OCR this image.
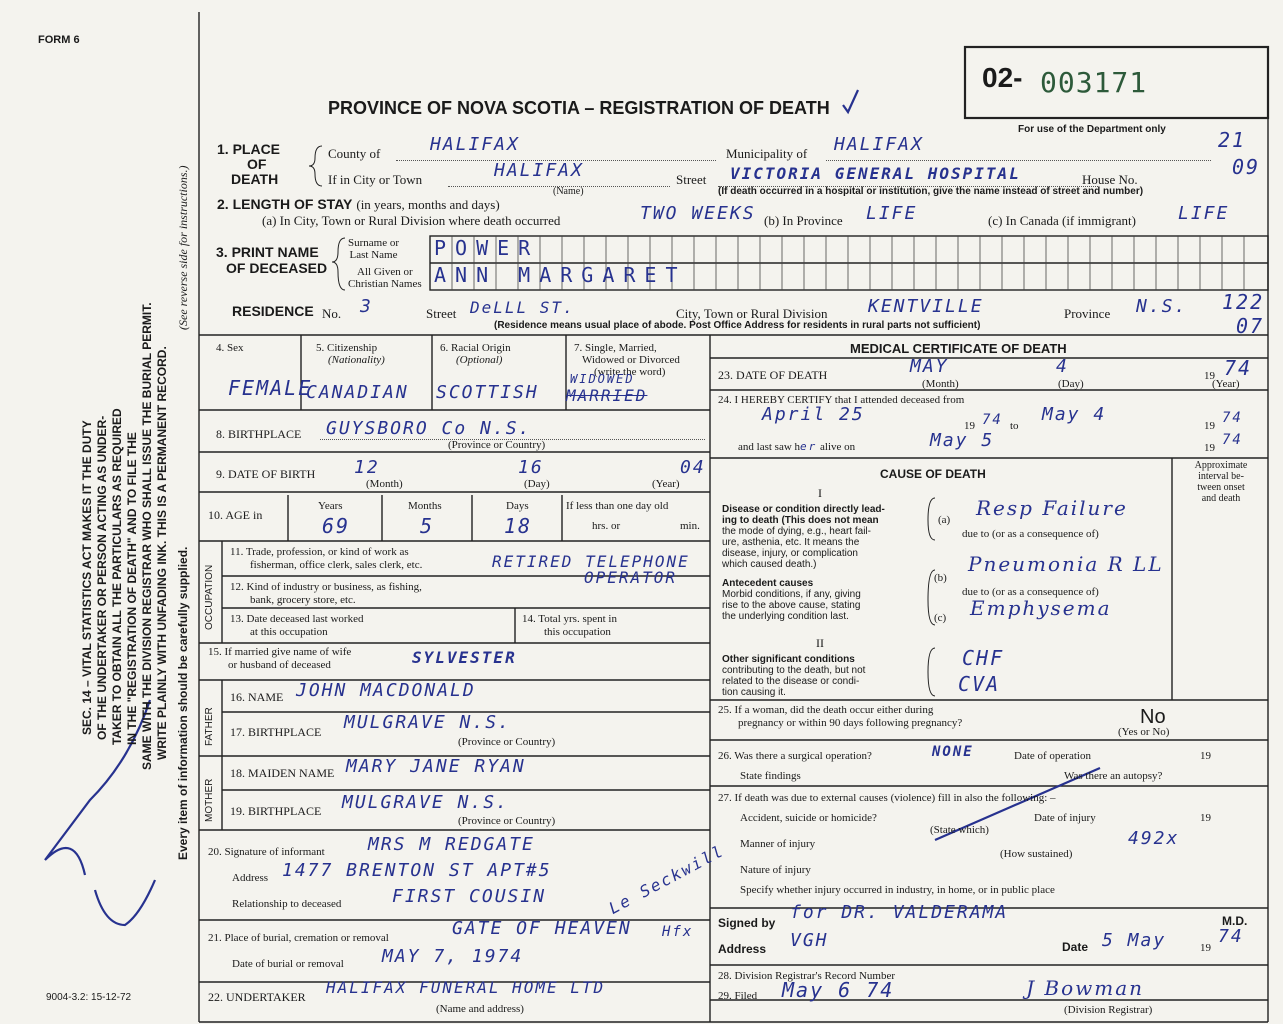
FORM 6
PROVINCE OF NOVA SCOTIA – REGISTRATION OF DEATH
02- 003171
For use of the Department only	21
09
122
07
SEC. 14 – VITAL STATISTICS ACT MAKES IT THE DUTY OF THE UNDERTAKER OR PERSON ACTING AS UNDER- TAKER TO OBTAIN ALL THE PARTICULARS AS REQUIRED IN THE "REGISTRATION OF DEATH" AND TO FILE THE SAME WITH THE DIVISION REGISTRAR WHO SHALL ISSUE THE BURIAL PERMIT. WRITE PLAINLY WITH UNFADING INK. THIS IS A PERMANENT RECORD.
(See reverse side for instructions.)
Every item of information should be carefully supplied.
9004-3.2: 15-12-72
1. PLACE
OF
DEATH
County of	HALIFAX	Municipality of HALIFAX
If in City or Town	HALIFAX
(Name)
Street VICTORIA GENERAL HOSPITAL	House No.
(If death occurred in a hospital or institution, give the name instead of street and number)
2. LENGTH OF STAY (in years, months and days)
(a) In City, Town or Rural Division where death occurred	TWO WEEKS (b) In Province LIFE	(c) In Canada (if immigrant) LIFE
3. PRINT NAME
OF DECEASED
Surname or
Last Name POWER
All Given or
Christian Names ANN MARGARET
RESIDENCE No. 3	Street DeLLL ST.	City, Town or Rural Division KENTVILLE	Province N.S.
(Residence means usual place of abode. Post Office Address for residents in rural parts not sufficient)
4. Sex
FEMALE
5. Citizenship
(Nationality)
CANADIAN
6. Racial Origin
(Optional)
SCOTTISH
7. Single, Married,
Widowed or Divorced
(write the word)
WIDOWED
MARRIED
8. BIRTHPLACE GUYSBORO Co N.S.
(Province or Country)
9. DATE OF BIRTH 12	16	04
(Month)	(Day)	(Year)
10. AGE in
Years
69
Months
5
Days
18
If less than one day old
hrs. or	min.
OCCUPATION
11. Trade, profession, or kind of work as
fisherman, office clerk, sales clerk, etc.	RETIRED TELEPHONE
OPERATOR
12. Kind of industry or business, as fishing,
bank, grocery store, etc.
13. Date deceased last worked
at this occupation
14. Total yrs. spent in
this occupation
15. If married give name of wife
or husband of deceased	SYLVESTER
FATHER
16. NAME JOHN MACDONALD
17. BIRTHPLACE MULGRAVE N.S.
(Province or Country)
MOTHER
18. MAIDEN NAME MARY JANE RYAN
19. BIRTHPLACE MULGRAVE N.S.
(Province or Country)
20. Signature of informant MRS M REDGATE
Address 1477 BRENTON ST APT#5
Relationship to deceased	FIRST COUSIN	Le Seckwill
21. Place of burial, cremation or removal	GATE OF HEAVEN Hfx
Date of burial or removal MAY 7, 1974
22. UNDERTAKER HALIFAX FUNERAL HOME LTD
(Name and address)
MEDICAL CERTIFICATE OF DEATH
23. DATE OF DEATH	MAY	4	19 74
(Month)	(Day)	(Year)
24. I HEREBY CERTIFY that I attended deceased from
April 25
19 74 to
May 4
19 74
and last saw her alive on	May 5	19 74
CAUSE OF DEATH
Approximate
interval be-
tween onset
and death
I
Disease or condition directly lead-
ing to death (This does not mean
the mode of dying, e.g., heart fail-
ure, asthenia, etc. It means the
disease, injury, or complication
which caused death.)
(a) Resp Failure
due to (or as a consequence of)
Antecedent causes
Morbid conditions, if any, giving
rise to the above cause, stating
the underlying condition last.
(b)
Pneumonia R LL
due to (or as a consequence of)
(c) Emphysema
II
Other significant conditions
contributing to the death, but not
related to the disease or condi-
tion causing it.
CHF
CVA
25. If a woman, did the death occur either during
pregnancy or within 90 days following pregnancy?	No
(Yes or No)
26. Was there a surgical operation?	NONE	Date of operation	19
State findings	Was there an autopsy?
27. If death was due to external causes (violence) fill in also the following: –
Accident, suicide or homicide?	Date of injury	19
(State which)
Manner of injury	492x
(How sustained)
Nature of injury
Specify whether injury occurred in industry, in home, or in public place
Signed by for DR. VALDERAMA	M.D.
Address VGH	Date 5 May	19
74
28. Division Registrar's Record Number
29. Filed May 6 74	J Bowman
(Division Registrar)
